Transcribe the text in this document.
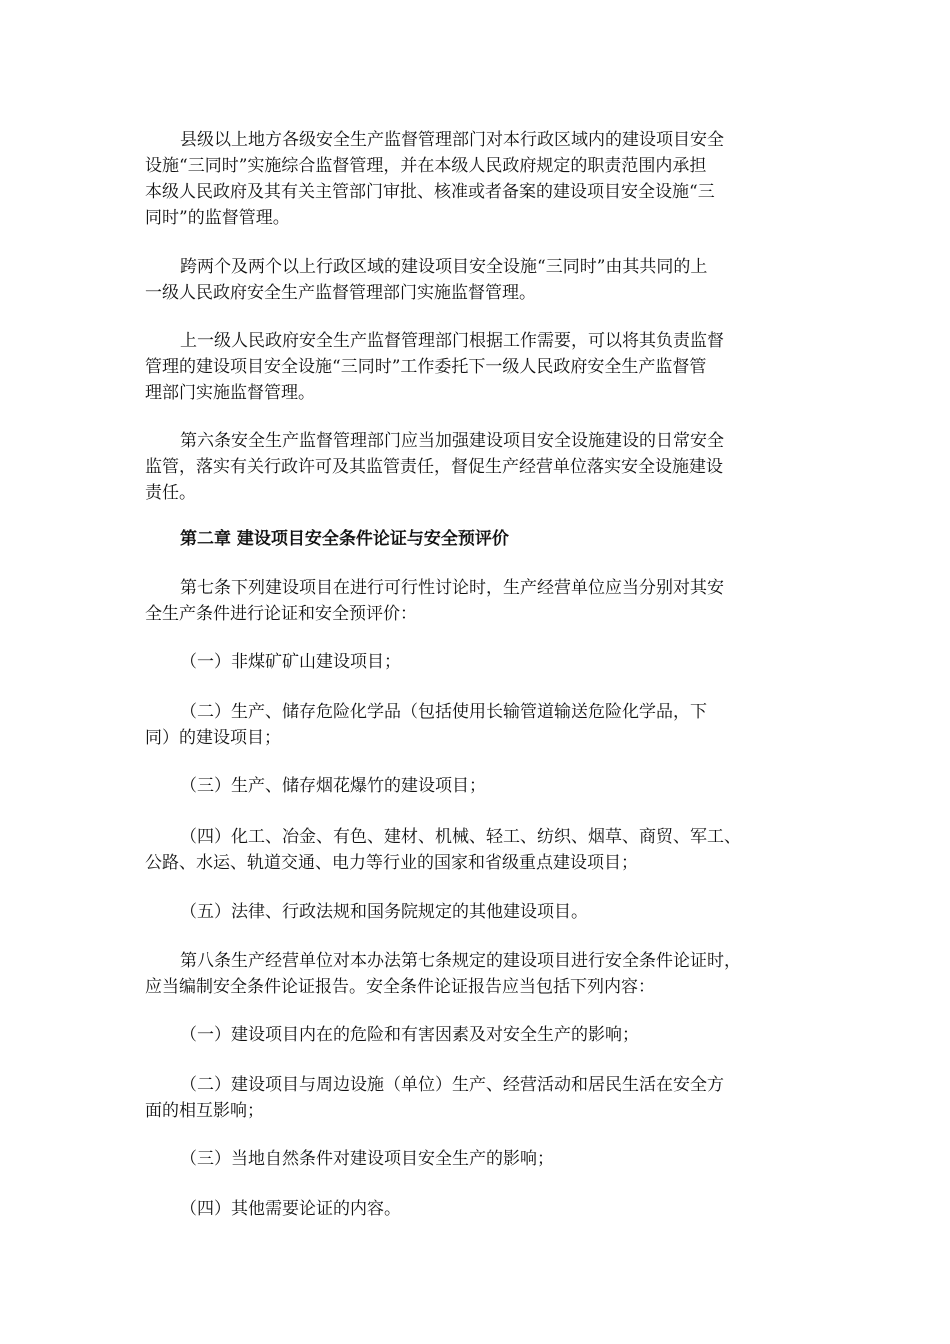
县级以上地方各级安全生产监督管理部门对本行政区域内的建设项目安全
设施“三同时”实施综合监督管理，并在本级人民政府规定的职责范围内承担
本级人民政府及其有关主管部门审批、核准或者备案的建设项目安全设施“三
同时”的监督管理。
跨两个及两个以上行政区域的建设项目安全设施“三同时”由其共同的上
一级人民政府安全生产监督管理部门实施监督管理。
上一级人民政府安全生产监督管理部门根据工作需要，可以将其负责监督
管理的建设项目安全设施“三同时”工作委托下一级人民政府安全生产监督管
理部门实施监督管理。
第六条安全生产监督管理部门应当加强建设项目安全设施建设的日常安全
监管，落实有关行政许可及其监管责任，督促生产经营单位落实安全设施建设
责任。
第二章 建设项目安全条件论证与安全预评价
第七条下列建设项目在进行可行性讨论时，生产经营单位应当分别对其安
全生产条件进行论证和安全预评价：
（一）非煤矿矿山建设项目；
（二）生产、储存危险化学品（包括使用长输管道输送危险化学品，下
同）的建设项目；
（三）生产、储存烟花爆竹的建设项目；
（四）化工、冶金、有色、建材、机械、轻工、纺织、烟草、商贸、军工、
公路、水运、轨道交通、电力等行业的国家和省级重点建设项目；
（五）法律、行政法规和国务院规定的其他建设项目。
第八条生产经营单位对本办法第七条规定的建设项目进行安全条件论证时，
应当编制安全条件论证报告。安全条件论证报告应当包括下列内容：
（一）建设项目内在的危险和有害因素及对安全生产的影响；
（二）建设项目与周边设施（单位）生产、经营活动和居民生活在安全方
面的相互影响；
（三）当地自然条件对建设项目安全生产的影响；
（四）其他需要论证的内容。
